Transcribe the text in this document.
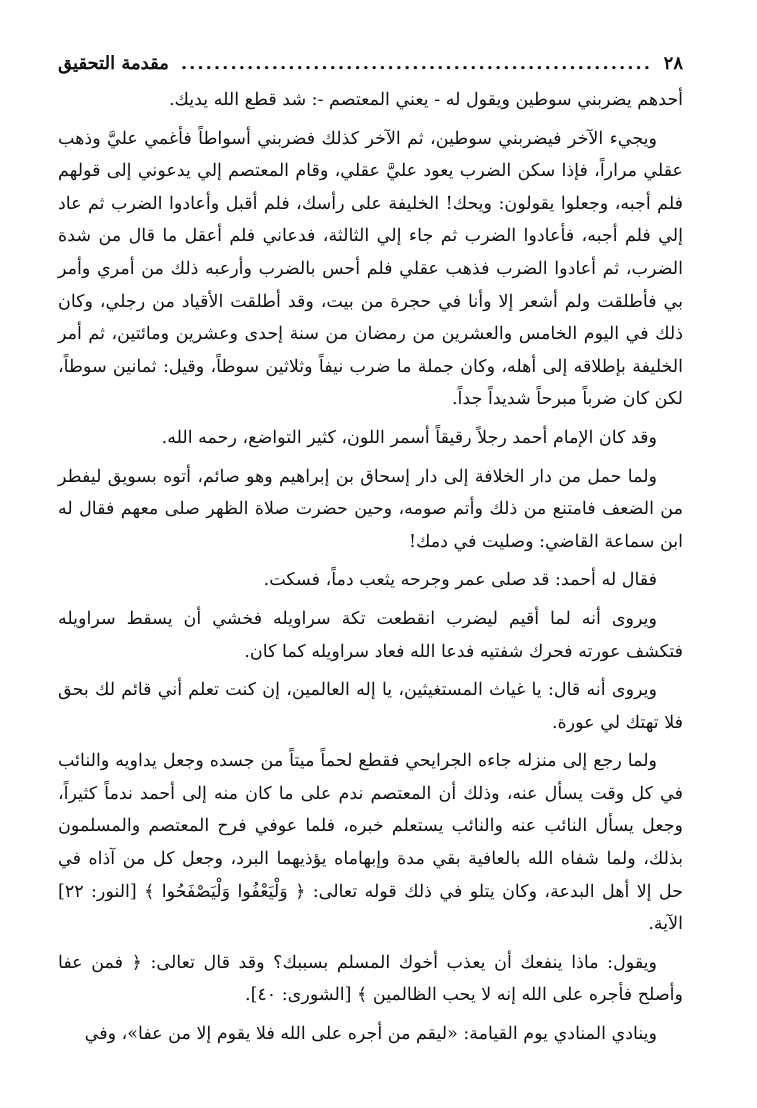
٢٨
.....
مقدمة التحقيق

أحدهم يضربني سوطين ويقول له - يعني المعتصم -: شد قطع الله يديك.

ويجيء الآخر فيضربني سوطين، ثم الآخر كذلك فضربني أسواطاً فأغمي عليَّ وذهب عقلي مراراً، فإذا سكن الضرب يعود عليَّ عقلي، وقام المعتصم إلي يدعوني إلى قولهم فلم أجبه، وجعلوا يقولون: ويحك! الخليفة على رأسك، فلم أقبل وأعادوا الضرب ثم عاد إلي فلم أجبه، فأعادوا الضرب ثم جاء إلي الثالثة، فدعاني فلم أعقل ما قال من شدة الضرب، ثم أعادوا الضرب فذهب عقلي فلم أحس بالضرب وأرعبه ذلك من أمري وأمر بي فأطلقت ولم أشعر إلا وأنا في حجرة من بيت، وقد أطلقت الأقياد من رجلي، وكان ذلك في اليوم الخامس والعشرين من رمضان من سنة إحدى وعشرين ومائتين، ثم أمر الخليفة بإطلاقه إلى أهله، وكان جملة ما ضرب نيفاً وثلاثين سوطاً، وقيل: ثمانين سوطاً، لكن كان ضرباً مبرحاً شديداً جداً.

وقد كان الإمام أحمد رجلاً رقيقاً أسمر اللون، كثير التواضع، رحمه الله.

ولما حمل من دار الخلافة إلى دار إسحاق بن إبراهيم وهو صائم، أتوه بسويق ليفطر من الضعف فامتنع من ذلك وأتم صومه، وحين حضرت صلاة الظهر صلى معهم فقال له ابن سماعة القاضي: وصليت في دمك!

فقال له أحمد: قد صلى عمر وجرحه يثعب دماً، فسكت.

ويروى أنه لما أقيم ليضرب انقطعت تكة سراويله فخشي أن يسقط سراويله فتكشف عورته فحرك شفتيه فدعا الله فعاد سراويله كما كان.

ويروى أنه قال: يا غياث المستغيثين، يا إله العالمين، إن كنت تعلم أني قائم لك بحق فلا تهتك لي عورة.

ولما رجع إلى منزله جاءه الجرايحي فقطع لحماً ميتاً من جسده وجعل يداويه والنائب في كل وقت يسأل عنه، وذلك أن المعتصم ندم على ما كان منه إلى أحمد ندماً كثيراً، وجعل يسأل النائب عنه والنائب يستعلم خبره، فلما عوفي فرح المعتصم والمسلمون بذلك، ولما شفاه الله بالعافية بقي مدة وإبهاماه يؤذيهما البرد، وجعل كل من آذاه في حل إلا أهل البدعة، وكان يتلو في ذلك قوله تعالى: ﴿ وَلْيَعْفُوا وَلْيَصْفَحُوا ﴾ [النور: ٢٢] الآية.

ويقول: ماذا ينفعك أن يعذب أخوك المسلم بسببك؟ وقد قال تعالى: ﴿ فمن عفا وأصلح فأجره على الله إنه لا يحب الظالمين ﴾ [الشورى: ٤٠].

وينادي المنادي يوم القيامة: «ليقم من أجره على الله فلا يقوم إلا من عفا»، وفي
